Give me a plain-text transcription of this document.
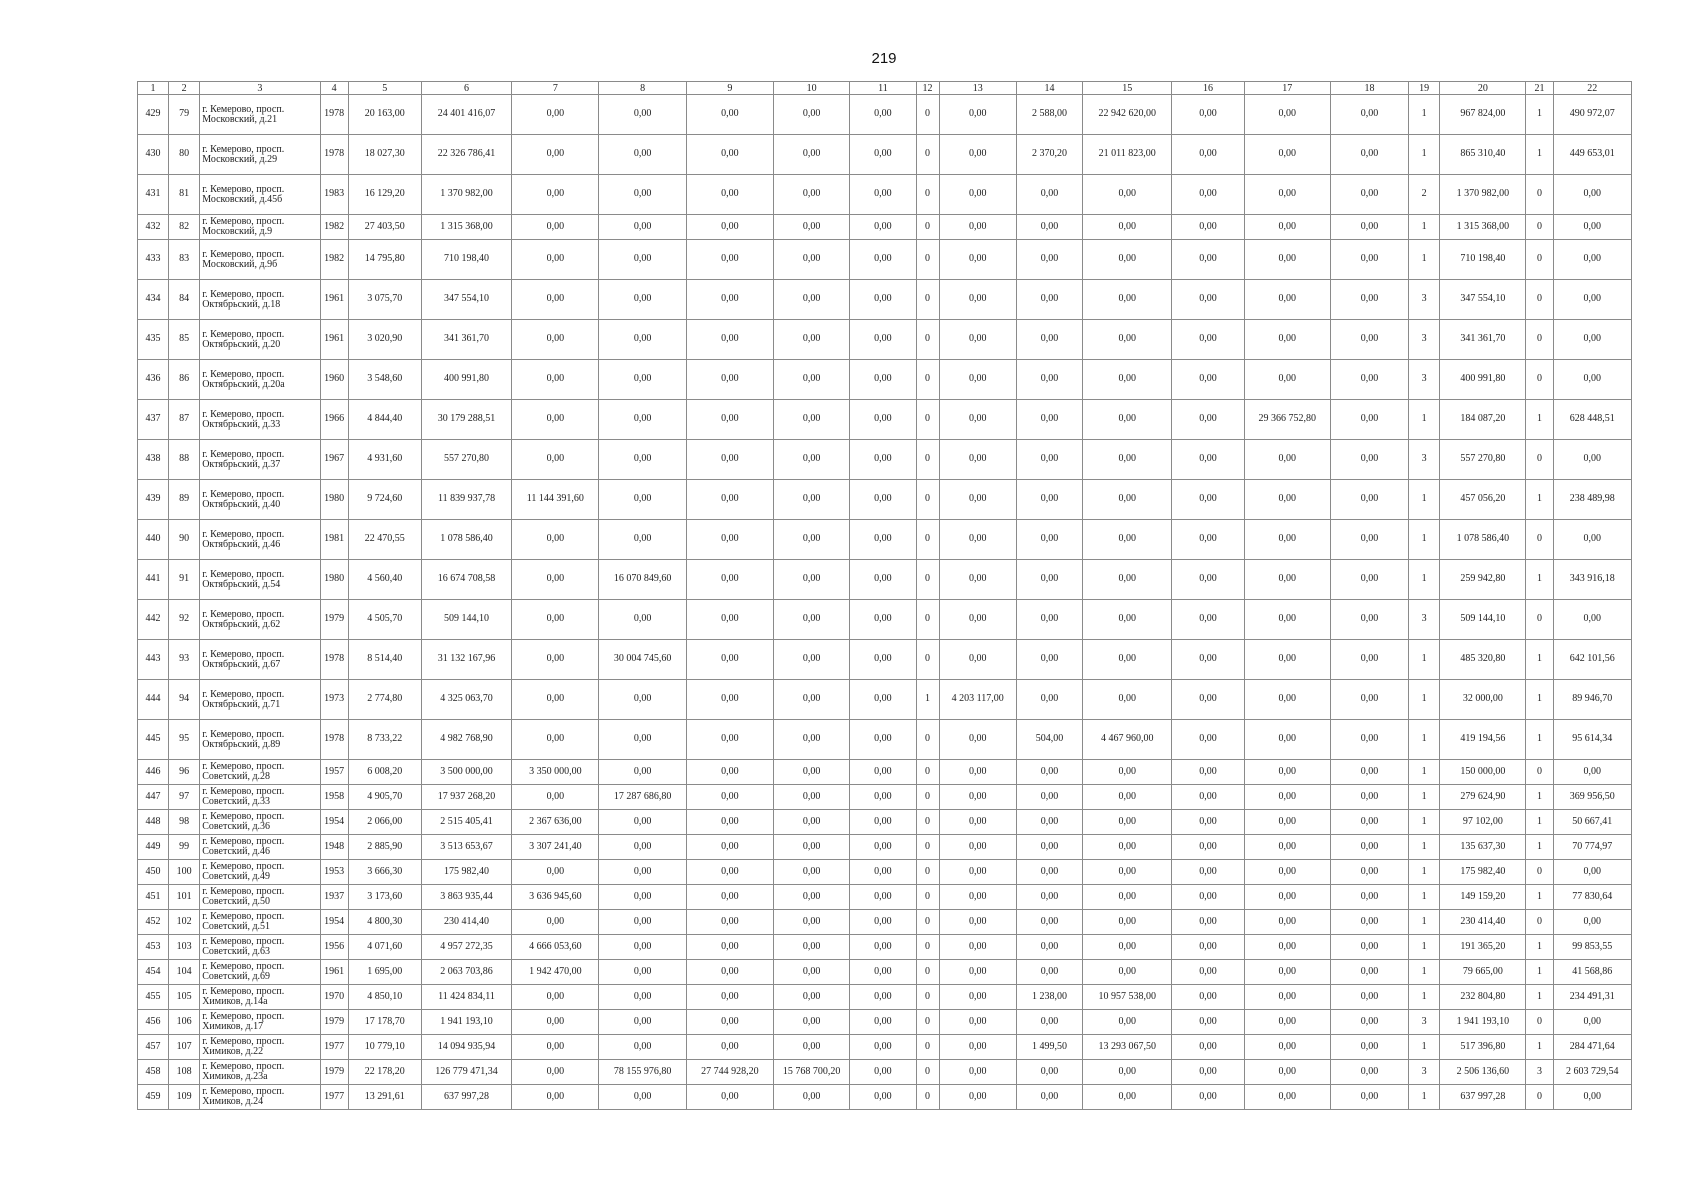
219
1	2	3	4	5	6	7	8	9	10	11	12	13	14	15	16	17	18	19	20	21	22
429	79	г. Кемерово, просп. Московский, д.21	1978	20 163,00	24 401 416,07	0,00	0,00	0,00	0,00	0,00	0	0,00	2 588,00	22 942 620,00	0,00	0,00	0,00	1	967 824,00	1	490 972,07
430	80	г. Кемерово, просп. Московский, д.29	1978	18 027,30	22 326 786,41	0,00	0,00	0,00	0,00	0,00	0	0,00	2 370,20	21 011 823,00	0,00	0,00	0,00	1	865 310,40	1	449 653,01
431	81	г. Кемерово, просп. Московский, д.45б	1983	16 129,20	1 370 982,00	0,00	0,00	0,00	0,00	0,00	0	0,00	0,00	0,00	0,00	0,00	0,00	2	1 370 982,00	0	0,00
432	82	г. Кемерово, просп. Московский, д.9	1982	27 403,50	1 315 368,00	0,00	0,00	0,00	0,00	0,00	0	0,00	0,00	0,00	0,00	0,00	0,00	1	1 315 368,00	0	0,00
433	83	г. Кемерово, просп. Московский, д.9б	1982	14 795,80	710 198,40	0,00	0,00	0,00	0,00	0,00	0	0,00	0,00	0,00	0,00	0,00	0,00	1	710 198,40	0	0,00
434	84	г. Кемерово, просп. Октябрьский, д.18	1961	3 075,70	347 554,10	0,00	0,00	0,00	0,00	0,00	0	0,00	0,00	0,00	0,00	0,00	0,00	3	347 554,10	0	0,00
435	85	г. Кемерово, просп. Октябрьский, д.20	1961	3 020,90	341 361,70	0,00	0,00	0,00	0,00	0,00	0	0,00	0,00	0,00	0,00	0,00	0,00	3	341 361,70	0	0,00
436	86	г. Кемерово, просп. Октябрьский, д.20а	1960	3 548,60	400 991,80	0,00	0,00	0,00	0,00	0,00	0	0,00	0,00	0,00	0,00	0,00	0,00	3	400 991,80	0	0,00
437	87	г. Кемерово, просп. Октябрьский, д.33	1966	4 844,40	30 179 288,51	0,00	0,00	0,00	0,00	0,00	0	0,00	0,00	0,00	0,00	29 366 752,80	0,00	1	184 087,20	1	628 448,51
438	88	г. Кемерово, просп. Октябрьский, д.37	1967	4 931,60	557 270,80	0,00	0,00	0,00	0,00	0,00	0	0,00	0,00	0,00	0,00	0,00	0,00	3	557 270,80	0	0,00
439	89	г. Кемерово, просп. Октябрьский, д.40	1980	9 724,60	11 839 937,78	11 144 391,60	0,00	0,00	0,00	0,00	0	0,00	0,00	0,00	0,00	0,00	0,00	1	457 056,20	1	238 489,98
440	90	г. Кемерово, просп. Октябрьский, д.46	1981	22 470,55	1 078 586,40	0,00	0,00	0,00	0,00	0,00	0	0,00	0,00	0,00	0,00	0,00	0,00	1	1 078 586,40	0	0,00
441	91	г. Кемерово, просп. Октябрьский, д.54	1980	4 560,40	16 674 708,58	0,00	16 070 849,60	0,00	0,00	0,00	0	0,00	0,00	0,00	0,00	0,00	0,00	1	259 942,80	1	343 916,18
442	92	г. Кемерово, просп. Октябрьский, д.62	1979	4 505,70	509 144,10	0,00	0,00	0,00	0,00	0,00	0	0,00	0,00	0,00	0,00	0,00	0,00	3	509 144,10	0	0,00
443	93	г. Кемерово, просп. Октябрьский, д.67	1978	8 514,40	31 132 167,96	0,00	30 004 745,60	0,00	0,00	0,00	0	0,00	0,00	0,00	0,00	0,00	0,00	1	485 320,80	1	642 101,56
444	94	г. Кемерово, просп. Октябрьский, д.71	1973	2 774,80	4 325 063,70	0,00	0,00	0,00	0,00	0,00	1	4 203 117,00	0,00	0,00	0,00	0,00	0,00	1	32 000,00	1	89 946,70
445	95	г. Кемерово, просп. Октябрьский, д.89	1978	8 733,22	4 982 768,90	0,00	0,00	0,00	0,00	0,00	0	0,00	504,00	4 467 960,00	0,00	0,00	0,00	1	419 194,56	1	95 614,34
446	96	г. Кемерово, просп. Советский, д.28	1957	6 008,20	3 500 000,00	3 350 000,00	0,00	0,00	0,00	0,00	0	0,00	0,00	0,00	0,00	0,00	0,00	1	150 000,00	0	0,00
447	97	г. Кемерово, просп. Советский, д.33	1958	4 905,70	17 937 268,20	0,00	17 287 686,80	0,00	0,00	0,00	0	0,00	0,00	0,00	0,00	0,00	0,00	1	279 624,90	1	369 956,50
448	98	г. Кемерово, просп. Советский, д.36	1954	2 066,00	2 515 405,41	2 367 636,00	0,00	0,00	0,00	0,00	0	0,00	0,00	0,00	0,00	0,00	0,00	1	97 102,00	1	50 667,41
449	99	г. Кемерово, просп. Советский, д.46	1948	2 885,90	3 513 653,67	3 307 241,40	0,00	0,00	0,00	0,00	0	0,00	0,00	0,00	0,00	0,00	0,00	1	135 637,30	1	70 774,97
450	100	г. Кемерово, просп. Советский, д.49	1953	3 666,30	175 982,40	0,00	0,00	0,00	0,00	0,00	0	0,00	0,00	0,00	0,00	0,00	0,00	1	175 982,40	0	0,00
451	101	г. Кемерово, просп. Советский, д.50	1937	3 173,60	3 863 935,44	3 636 945,60	0,00	0,00	0,00	0,00	0	0,00	0,00	0,00	0,00	0,00	0,00	1	149 159,20	1	77 830,64
452	102	г. Кемерово, просп. Советский, д.51	1954	4 800,30	230 414,40	0,00	0,00	0,00	0,00	0,00	0	0,00	0,00	0,00	0,00	0,00	0,00	1	230 414,40	0	0,00
453	103	г. Кемерово, просп. Советский, д.63	1956	4 071,60	4 957 272,35	4 666 053,60	0,00	0,00	0,00	0,00	0	0,00	0,00	0,00	0,00	0,00	0,00	1	191 365,20	1	99 853,55
454	104	г. Кемерово, просп. Советский, д.69	1961	1 695,00	2 063 703,86	1 942 470,00	0,00	0,00	0,00	0,00	0	0,00	0,00	0,00	0,00	0,00	0,00	1	79 665,00	1	41 568,86
455	105	г. Кемерово, просп. Химиков, д.14а	1970	4 850,10	11 424 834,11	0,00	0,00	0,00	0,00	0,00	0	0,00	1 238,00	10 957 538,00	0,00	0,00	0,00	1	232 804,80	1	234 491,31
456	106	г. Кемерово, просп. Химиков, д.17	1979	17 178,70	1 941 193,10	0,00	0,00	0,00	0,00	0,00	0	0,00	0,00	0,00	0,00	0,00	0,00	3	1 941 193,10	0	0,00
457	107	г. Кемерово, просп. Химиков, д.22	1977	10 779,10	14 094 935,94	0,00	0,00	0,00	0,00	0,00	0	0,00	1 499,50	13 293 067,50	0,00	0,00	0,00	1	517 396,80	1	284 471,64
458	108	г. Кемерово, просп. Химиков, д.23а	1979	22 178,20	126 779 471,34	0,00	78 155 976,80	27 744 928,20	15 768 700,20	0,00	0	0,00	0,00	0,00	0,00	0,00	0,00	3	2 506 136,60	3	2 603 729,54
459	109	г. Кемерово, просп. Химиков, д.24	1977	13 291,61	637 997,28	0,00	0,00	0,00	0,00	0,00	0	0,00	0,00	0,00	0,00	0,00	0,00	1	637 997,28	0	0,00
